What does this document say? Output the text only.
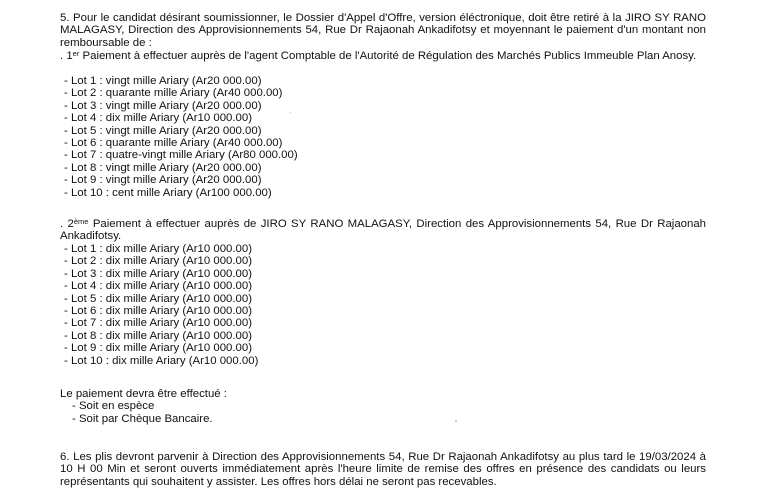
5. Pour le candidat désirant soumissionner, le Dossier d'Appel d'Offre, version éléctronique, doit être retiré à la JIRO SY RANO MALAGASY, Direction des Approvisionnements 54, Rue Dr Rajaonah Ankadifotsy et moyennant le paiement d'un montant non remboursable de :
. 1er Paiement à effectuer auprès de l'agent Comptable de l'Autorité de Régulation des Marchés Publics Immeuble Plan Anosy.
- Lot 1 : vingt mille Ariary (Ar20 000.00)
- Lot 2 : quarante mille Ariary (Ar40 000.00)
- Lot 3 : vingt mille Ariary (Ar20 000.00)
- Lot 4 : dix mille Ariary (Ar10 000.00)
- Lot 5 : vingt mille Ariary (Ar20 000.00)
- Lot 6 : quarante mille Ariary (Ar40 000.00)
- Lot 7 : quatre-vingt mille Ariary (Ar80 000.00)
- Lot 8 : vingt mille Ariary (Ar20 000.00)
- Lot 9 : vingt mille Ariary (Ar20 000.00)
- Lot 10 : cent mille Ariary (Ar100 000.00)
. 2ème Paiement à effectuer auprès de JIRO SY RANO MALAGASY, Direction des Approvisionnements 54, Rue Dr Rajaonah Ankadifotsy.
- Lot 1 : dix mille Ariary (Ar10 000.00)
- Lot 2 : dix mille Ariary (Ar10 000.00)
- Lot 3 : dix mille Ariary (Ar10 000.00)
- Lot 4 : dix mille Ariary (Ar10 000.00)
- Lot 5 : dix mille Ariary (Ar10 000.00)
- Lot 6 : dix mille Ariary (Ar10 000.00)
- Lot 7 : dix mille Ariary (Ar10 000.00)
- Lot 8 : dix mille Ariary (Ar10 000.00)
- Lot 9 : dix mille Ariary (Ar10 000.00)
- Lot 10 : dix mille Ariary (Ar10 000.00)
Le paiement devra être effectué :
- Soit en espèce
- Soit par Chèque Bancaire.
6. Les plis devront parvenir à Direction des Approvisionnements 54, Rue Dr Rajaonah Ankadifotsy au plus tard le 19/03/2024 à 10 H 00 Min et seront ouverts immédiatement après l'heure limite de remise des offres en présence des candidats ou leurs représentants qui souhaitent y assister. Les offres hors délai ne seront pas recevables.
